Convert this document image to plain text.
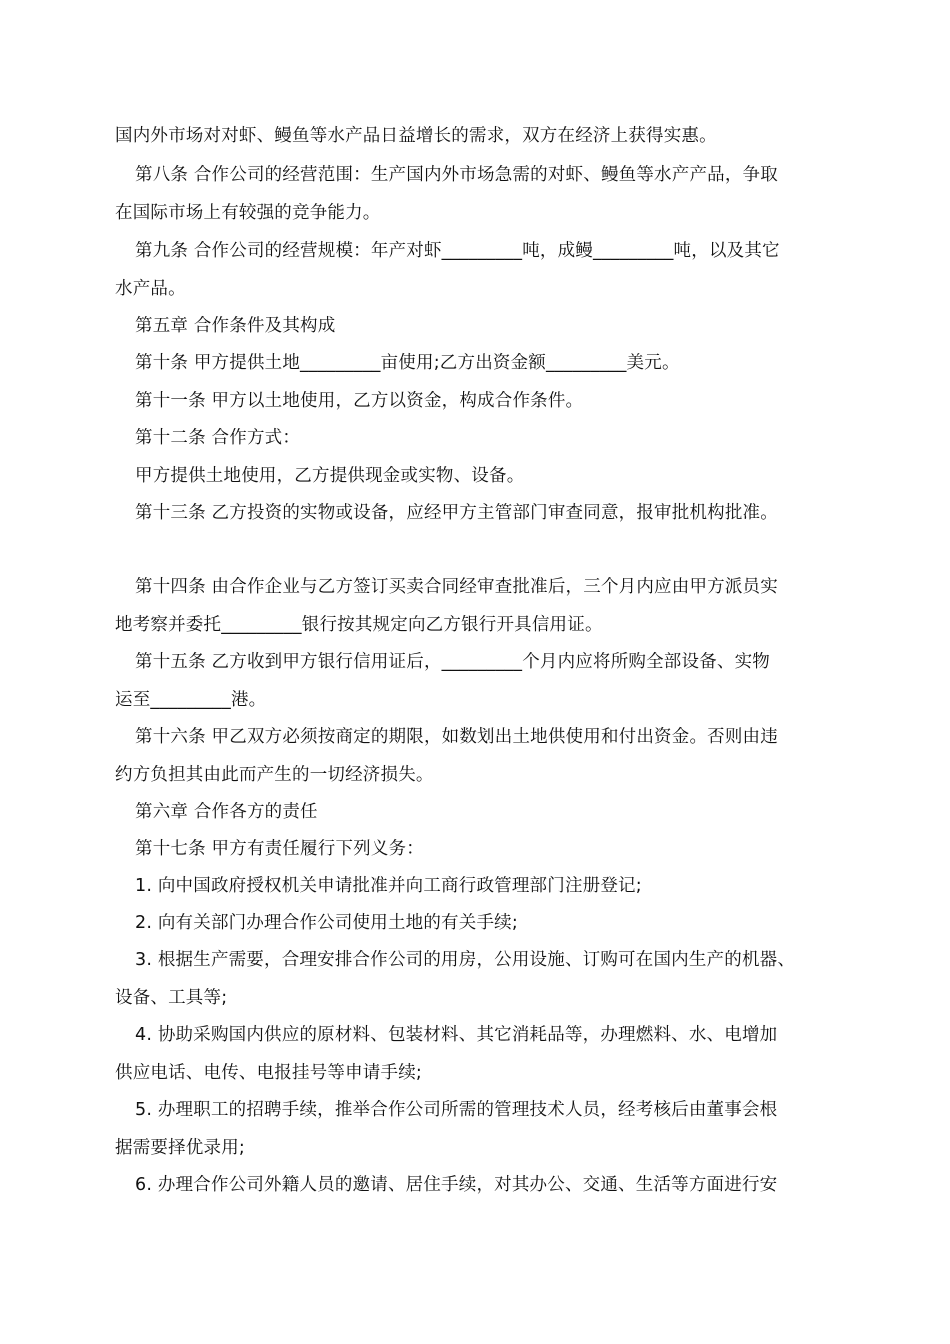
国内外市场对对虾、鳗鱼等水产品日益增长的需求，双方在经济上获得实惠。
第八条 合作公司的经营范围：生产国内外市场急需的对虾、鳗鱼等水产产品，争取
在国际市场上有较强的竞争能力。
第九条 合作公司的经营规模：年产对虾_________吨，成鳗_________吨，以及其它
水产品。
第五章 合作条件及其构成
第十条 甲方提供土地_________亩使用;乙方出资金额_________美元。
第十一条 甲方以土地使用，乙方以资金，构成合作条件。
第十二条 合作方式：
甲方提供土地使用，乙方提供现金或实物、设备。
第十三条 乙方投资的实物或设备，应经甲方主管部门审查同意，报审批机构批准。
第十四条 由合作企业与乙方签订买卖合同经审查批准后，三个月内应由甲方派员实
地考察并委托_________银行按其规定向乙方银行开具信用证。
第十五条 乙方收到甲方银行信用证后，_________个月内应将所购全部设备、实物
运至_________港。
第十六条 甲乙双方必须按商定的期限，如数划出土地供使用和付出资金。否则由违
约方负担其由此而产生的一切经济损失。
第六章 合作各方的责任
第十七条 甲方有责任履行下列义务：
1. 向中国政府授权机关申请批准并向工商行政管理部门注册登记;
2. 向有关部门办理合作公司使用土地的有关手续;
3. 根据生产需要，合理安排合作公司的用房，公用设施、订购可在国内生产的机器、
设备、工具等;
4. 协助采购国内供应的原材料、包装材料、其它消耗品等，办理燃料、水、电增加
供应电话、电传、电报挂号等申请手续;
5. 办理职工的招聘手续，推举合作公司所需的管理技术人员，经考核后由董事会根
据需要择优录用;
6. 办理合作公司外籍人员的邀请、居住手续，对其办公、交通、生活等方面进行安
